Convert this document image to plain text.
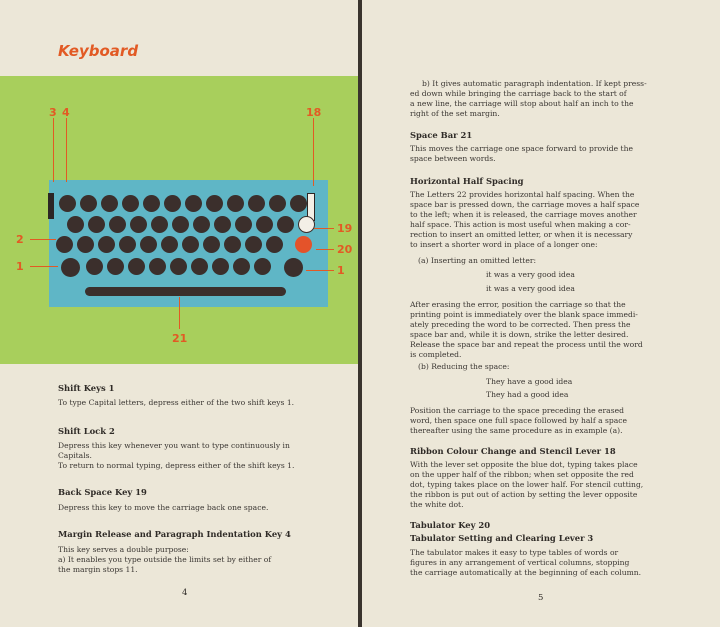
Keyboard
3 4	18
2
1
19
20
1
21
Shift Keys 1
To type Capital letters, depress either of the two shift keys 1.
Shift Lock 2
Depress this key whenever you want to type continuously in
Capitals.
To return to normal typing, depress either of the shift keys 1.
Back Space Key 19
Depress this key to move the carriage back one space.
Margin Release and Paragraph Indentation Key 4
This key serves a double purpose:
a) It enables you type outside the limits set by either of
the margin stops 11.
4
b) It gives automatic paragraph indentation. If kept press-
ed down while bringing the carriage back to the start of
a new line, the carriage will stop about half an inch to the
right of the set margin.
Space Bar 21
This moves the carriage one space forward to provide the
space between words.
Horizontal Half Spacing
The Letters 22 provides horizontal half spacing. When the
space bar is pressed down, the carriage moves a half space
to the left; when it is released, the carriage moves another
half space. This action is most useful when making a cor-
rection to insert an omitted letter, or when it is necessary
to insert a shorter word in place of a longer one:
(a) Inserting an omitted letter:
it was a very good idea
it was a very good idea
After erasing the error, position the carriage so that the
printing point is immediately over the blank space immedi-
ately preceding the word to be corrected. Then press the
space bar and, while it is down, strike the letter desired.
Release the space bar and repeat the process until the word
is completed.
(b) Reducing the space:
They have a good idea
They had a good idea
Position the carriage to the space preceding the erased
word, then space one full space followed by half a space
thereafter using the same procedure as in example (a).
Ribbon Colour Change and Stencil Lever 18
With the lever set opposite the blue dot, typing takes place
on the upper half of the ribbon; when set opposite the red
dot, typing takes place on the lower half. For stencil cutting,
the ribbon is put out of action by setting the lever opposite
the white dot.
Tabulator Key 20
Tabulator Setting and Clearing Lever 3
The tabulator makes it easy to type tables of words or
figures in any arrangement of vertical columns, stopping
the carriage automatically at the beginning of each column.
5
